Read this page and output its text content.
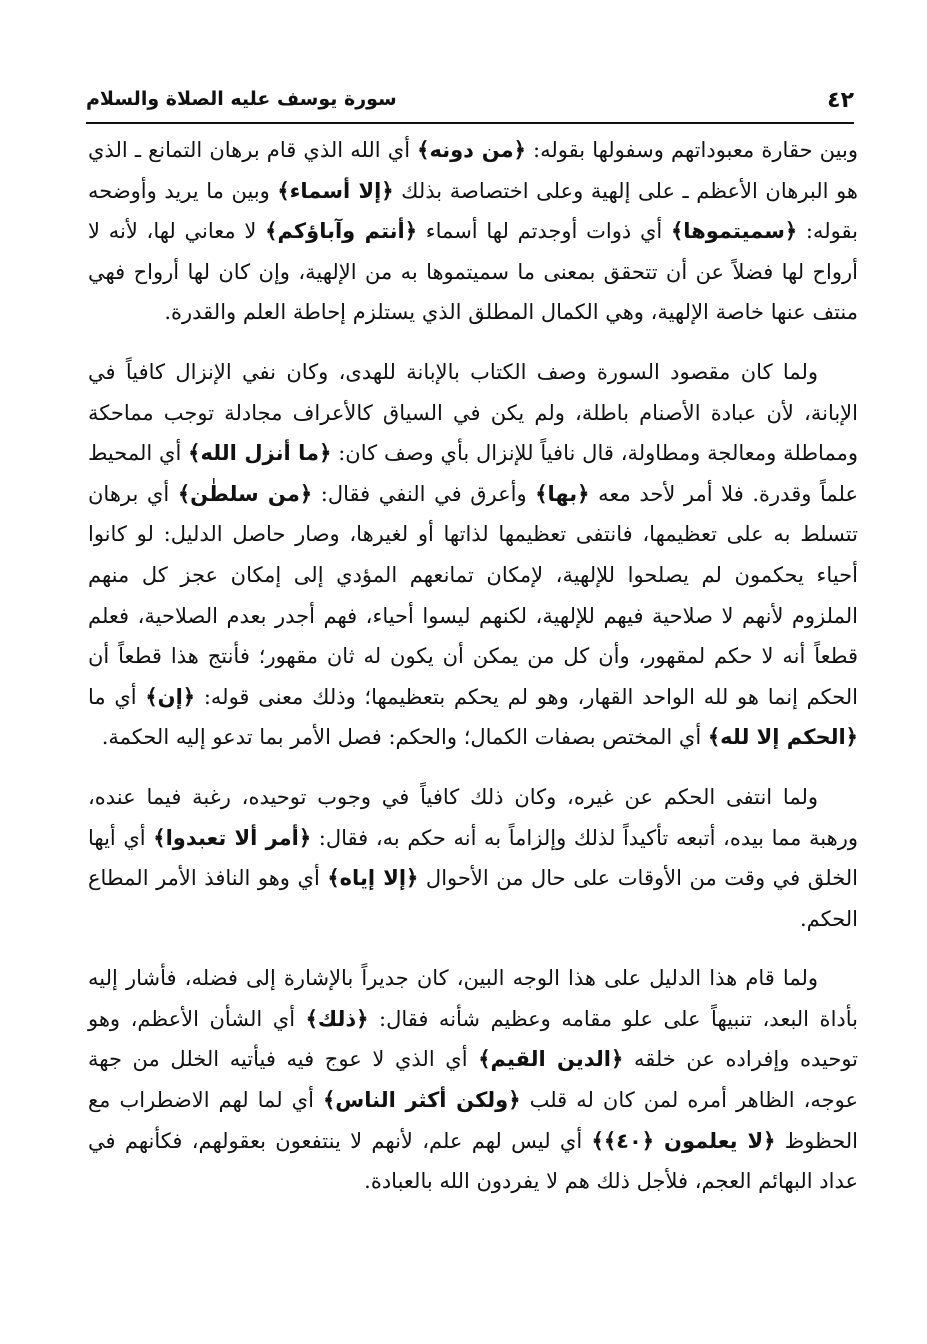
٤٢
سورة يوسف عليه الصلاة والسلام

وبين حقارة معبوداتهم وسفولها بقوله: ﴿من دونه﴾ أي الله الذي قام برهان التمانع ـ الذي هو البرهان الأعظم ـ على إلهية وعلى اختصاصة بذلك ﴿إلا أسماء﴾ وبين ما يريد وأوضحه بقوله: ﴿سميتموها﴾ أي ذوات أوجدتم لها أسماء ﴿أنتم وآباؤكم﴾ لا معاني لها، لأنه لا أرواح لها فضلاً عن أن تتحقق بمعنى ما سميتموها به من الإلهية، وإن كان لها أرواح فهي منتف عنها خاصة الإلهية، وهي الكمال المطلق الذي يستلزم إحاطة العلم والقدرة.

ولما كان مقصود السورة وصف الكتاب بالإبانة للهدى، وكان نفي الإنزال كافياً في الإبانة، لأن عبادة الأصنام باطلة، ولم يكن في السياق كالأعراف مجادلة توجب مماحكة ومماطلة ومعالجة ومطاولة، قال نافياً للإنزال بأي وصف كان: ﴿ما أنزل الله﴾ أي المحيط علماً وقدرة. فلا أمر لأحد معه ﴿بها﴾ وأعرق في النفي فقال: ﴿من سلطٰن﴾ أي برهان تتسلط به على تعظيمها، فانتفى تعظيمها لذاتها أو لغيرها، وصار حاصل الدليل: لو كانوا أحياء يحكمون لم يصلحوا للإلهية، لإمكان تمانعهم المؤدي إلى إمكان عجز كل منهم الملزوم لأنهم لا صلاحية فيهم للإلهية، لكنهم ليسوا أحياء، فهم أجدر بعدم الصلاحية، فعلم قطعاً أنه لا حكم لمقهور، وأن كل من يمكن أن يكون له ثان مقهور؛ فأنتج هذا قطعاً أن الحكم إنما هو لله الواحد القهار، وهو لم يحكم بتعظيمها؛ وذلك معنى قوله: ﴿إن﴾ أي ما ﴿الحكم إلا لله﴾ أي المختص بصفات الكمال؛ والحكم: فصل الأمر بما تدعو إليه الحكمة.

ولما انتفى الحكم عن غيره، وكان ذلك كافياً في وجوب توحيده، رغبة فيما عنده، ورهبة مما بيده، أتبعه تأكيداً لذلك وإلزاماً به أنه حكم به، فقال: ﴿أمر ألا تعبدوا﴾ أي أيها الخلق في وقت من الأوقات على حال من الأحوال ﴿إلا إياه﴾ أي وهو النافذ الأمر المطاع الحكم.

ولما قام هذا الدليل على هذا الوجه البين، كان جديراً بالإشارة إلى فضله، فأشار إليه بأداة البعد، تنبيهاً على علو مقامه وعظيم شأنه فقال: ﴿ذلك﴾ أي الشأن الأعظم، وهو توحيده وإفراده عن خلقه ﴿الدين القيم﴾ أي الذي لا عوج فيه فيأتيه الخلل من جهة عوجه، الظاهر أمره لمن كان له قلب ﴿ولكن أكثر الناس﴾ أي لما لهم الاضطراب مع الحظوظ ﴿لا يعلمون ﴿٤٠﴾﴾ أي ليس لهم علم، لأنهم لا ينتفعون بعقولهم، فكأنهم في عداد البهائم العجم، فلأجل ذلك هم لا يفردون الله بالعبادة.
